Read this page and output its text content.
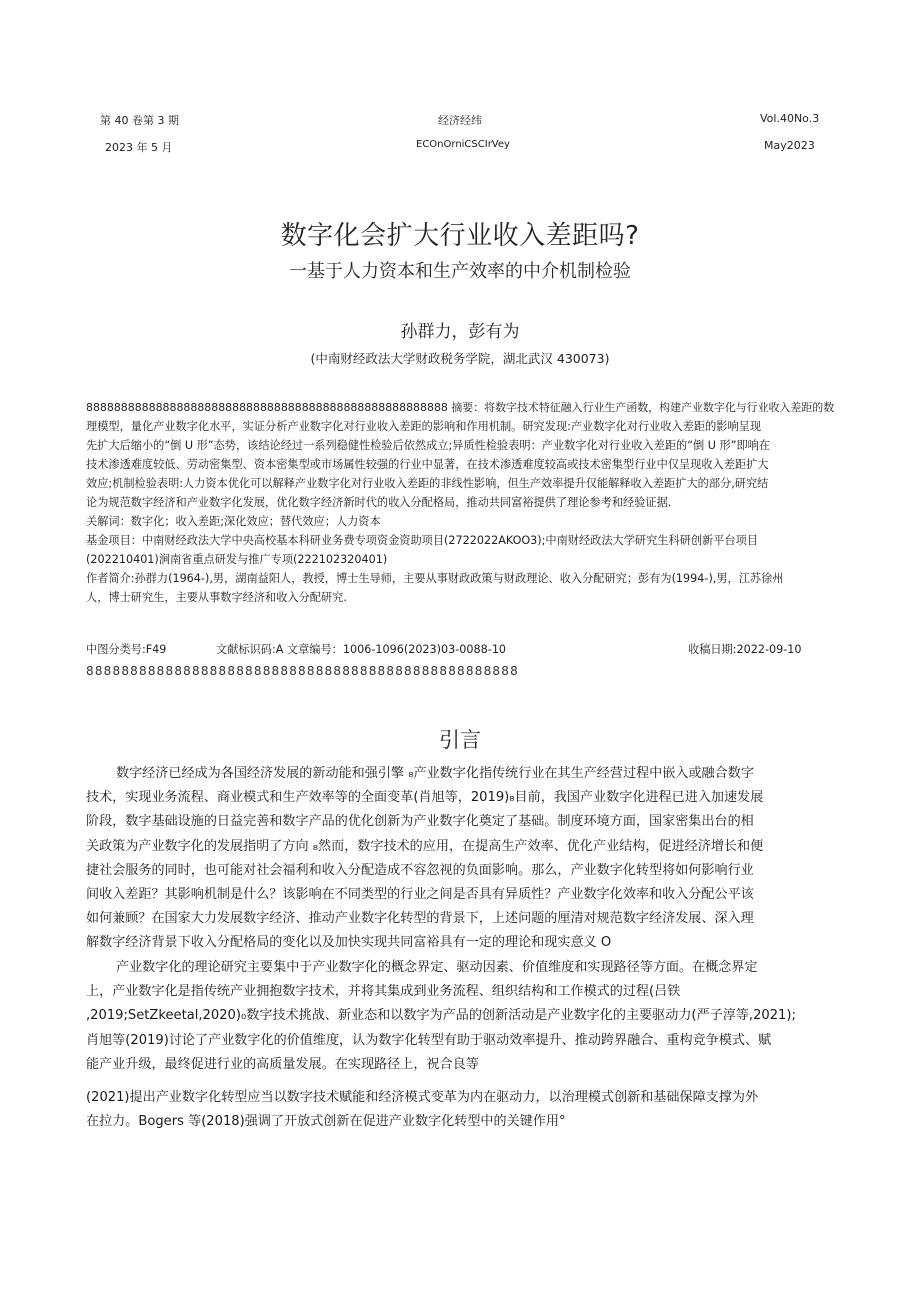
第 40 卷第 3 期
2023 年 5 月
经济经纬
ECOnOrniCSCIrVey
Vol.40No.3
May2023
数字化会扩大行业收入差距吗?
一基于人力资本和生产效率的中介机制检验
孙群力，彭有为
(中南财经政法大学财政税务学院，湖北武汉 430073)

8888888888888888888888888888888888888888888888888888 摘要：将数字技术特征融入行业生产函数，构建产业数字化与行业收入差距的数

理模型，量化产业数字化水平，实证分析产业数字化对行业收入差距的影响和作用机制。研究发现:产业数字化对行业收入差距的影响呈现

先扩大后缩小的“倒 U 形”态势，该结论经过一系列稳健性检验后依然成立;异质性检验表明：产业数字化对行业收入差距的“倒 U 形”即响在

技术渗透难度较低、劳动密集型、资本密集型或市场属性较强的行业中显著，在技术渗透难度较高或技术密集型行业中仅呈现收入差距扩大

效应;机制检验表明:人力资本优化可以解释产业数字化对行业收入差距的非线性影响，但生产效率提升仅能解释收入差距扩大的部分,研究结

论为规范数字经济和产业数字化发展，优化数字经济新时代的收入分配格局，推动共同富裕提供了理论参考和经验证据.

关解词：数字化；收入差距;深化效应；替代效应；人力资本

基金项目：中南财经政法大学中央高校基本科研业务费专项资金资助项目(2722022AKOO3);中南财经政法大学研究生科研创新平台项目

(202210401)涧南省重点研发与推广专项(222102320401)

作者简介:孙群力(1964-),男，湖南益阳人，教授，博士生导师，主要从事财政政策与财政理论、收入分配研究；彭有为(1994-),男，江苏徐州

人，博士研究生，主要从事数字经济和收入分配研究.

中图分类号:F49	文献标识码:A 文章编号：1006-1096(2023)03-0088-10	收稿日期:2022-09-10
8888888888888888888888888888888888888888888888888
引言

数字经济已经成为各国经济发展的新动能和强引擎 ₈产业数字化指传统行业在其生产经营过程中嵌入或融合数字

技术，实现业务流程、商业模式和生产效率等的全面变革(肖旭等，2019)₈目前，我国产业数字化进程已进入加速发展

阶段，数字基础设施的日益完善和数字产品的优化创新为产业数字化奠定了基础。制度环境方面，国家密集出台的相

关政策为产业数字化的发展指明了方向 ₈然而，数字技术的应用，在提高生产效率、优化产业结构，促进经济增长和便

捷社会服务的同时，也可能对社会福利和收入分配造成不容忽视的负面影响。那么，产业数字化转型将如何影响行业

间收入差距？其影响机制是什么？该影响在不同类型的行业之间是否具有异质性？产业数字化效率和收入分配公平该

如何兼顾？在国家大力发展数字经济、推动产业数字化转型的背景下，上述问题的厘清对规范数字经济发展、深入理

解数字经济背景下收入分配格局的变化以及加快实现共同富裕具有一定的理论和现实意义 O

产业数字化的理论研究主要集中于产业数字化的概念界定、驱动因素、价值维度和实现路径等方面。在概念界定

上，产业数字化是指传统产业拥抱数字技术，并将其集成到业务流程、组织结构和工作模式的过程(吕铁

,2019;SetZkeetal,2020)₀数字技术挑战、新业态和以数字为产品的创新活动是产业数字化的主要驱动力(严子淳等,2021);

肖旭等(2019)讨论了产业数字化的价值维度，认为数字化转型有助于驱动效率提升、推动跨界融合、重构竞争模式、赋

能产业升级，最终促进行业的高质量发展。在实现路径上，祝合良等

(2021)提出产业数字化转型应当以数字技术赋能和经济模式变革为内在驱动力，以治理模式创新和基础保障支撑为外

在拉力。Bogers 等(2018)强调了开放式创新在促进产业数字化转型中的关键作用°
